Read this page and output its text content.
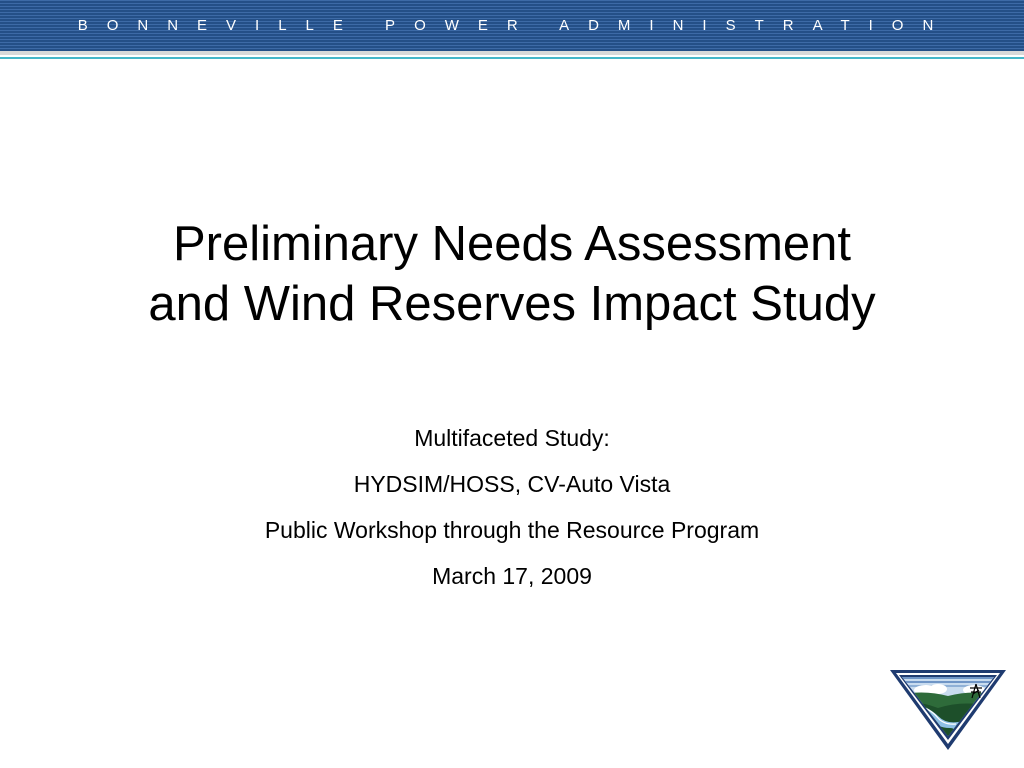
BONNEVILLE POWER ADMINISTRATION
Preliminary Needs Assessment
and Wind Reserves Impact Study
Multifaceted Study:
HYDSIM/HOSS, CV-Auto Vista
Public Workshop through the Resource Program
March 17, 2009
